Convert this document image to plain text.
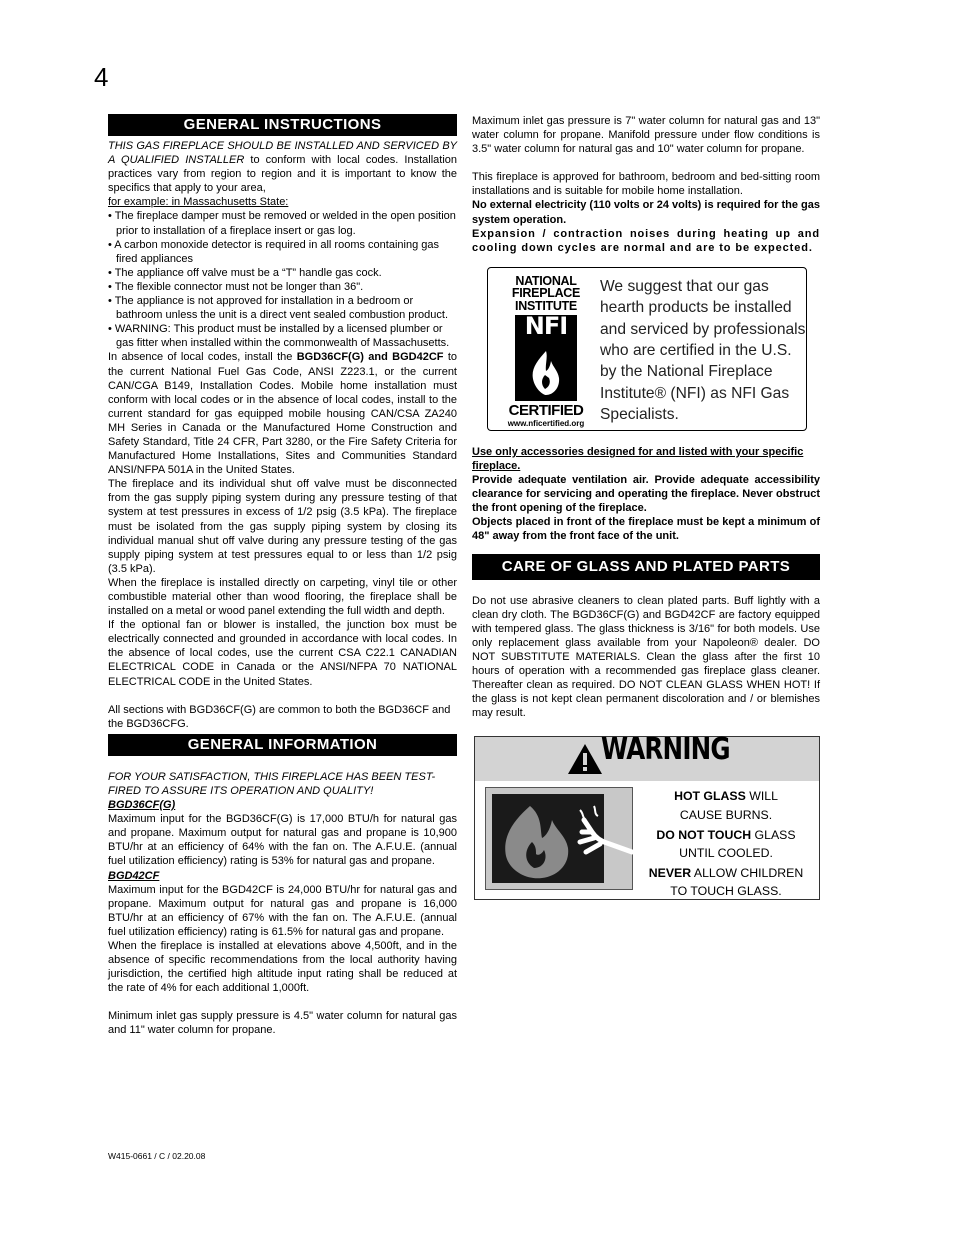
4
GENERAL INSTRUCTIONS

THIS GAS FIREPLACE SHOULD BE INSTALLED AND SERVICED BY A QUALIFIED INSTALLER to conform with local codes. Installation practices vary from region to region and it is important to know the specifics that apply to your area,

for example: in Massachusetts State:

• The fireplace damper must be removed or welded in the open position prior to installation of a fireplace insert or gas log.
• A carbon monoxide detector is required in all rooms containing gas fired appliances
• The appliance off valve must be a “T” handle gas cock.
• The flexible connector must not be longer than 36".
• The appliance is not approved for installation in a bedroom or bathroom unless the unit is a direct vent sealed combustion product.
• WARNING: This product must be installed by a licensed plumber or gas fitter when installed within the commonwealth of Massachusetts.

In absence of local codes, install the BGD36CF(G) and BGD42CF to the current National Fuel Gas Code, ANSI Z223.1, or the current CAN/CGA B149, Installation Codes. Mobile home installation must conform with local codes or in the absence of local codes, install to the current standard for gas equipped mobile housing CAN/CSA ZA240 MH Series in Canada or the Manufactured Home Construction and Safety Standard, Title 24 CFR, Part 3280, or the Fire Safety Criteria for Manufactured Home Installations, Sites and Communities Standard ANSI/NFPA 501A in the United States.

The fireplace and its individual shut off valve must be disconnected from the gas supply piping system during any pressure testing of that system at test pressures in excess of 1/2 psig (3.5 kPa). The fireplace must be isolated from the gas supply piping system by closing its individual manual shut off valve during any pressure testing of the gas supply piping system at test pressures equal to or less than 1/2 psig (3.5 kPa).

When the fireplace is installed directly on carpeting, vinyl tile or other combustible material other than wood flooring, the fireplace shall be installed on a metal or wood panel extending the full width and depth.

If the optional fan or blower is installed, the junction box must be electrically connected and grounded in accordance with local codes. In the absence of local codes, use the current CSA C22.1 CANADIAN ELECTRICAL CODE in Canada or the ANSI/NFPA 70 NATIONAL ELECTRICAL CODE in the United States.

All sections with BGD36CF(G) are common to both the BGD36CF and the BGD36CFG.

GENERAL INFORMATION

FOR YOUR SATISFACTION, THIS FIREPLACE HAS BEEN TEST-FIRED TO ASSURE ITS OPERATION AND QUALITY!

BGD36CF(G)

Maximum input for the BGD36CF(G) is 17,000 BTU/h for natural gas and propane. Maximum output for natural gas and propane is 10,900 BTU/hr at an efficiency of 64% with the fan on. The A.F.U.E. (annual fuel utilization efficiency) rating is 53% for natural gas and propane.

BGD42CF

Maximum input for the BGD42CF is 24,000 BTU/hr for natural gas and propane. Maximum output for natural gas and propane is 16,000 BTU/hr at an efficiency of 67% with the fan on. The A.F.U.E. (annual fuel utilization efficiency) rating is 61.5% for natural gas and propane.

When the fireplace is installed at elevations above 4,500ft, and in the absence of specific recommendations from the local authority having jurisdiction, the certified high altitude input rating shall be reduced at the rate of 4% for each additional 1,000ft.

Minimum inlet gas supply pressure is 4.5" water column for natural gas and 11" water column for propane.

Maximum inlet gas pressure is 7" water column for natural gas and 13" water column for propane. Manifold pressure under flow conditions is 3.5" water column for natural gas and 10" water column for propane.

This fireplace is approved for bathroom, bedroom and bed-sitting room installations and is suitable for mobile home installation.

No external electricity (110 volts or 24 volts) is required for the gas system operation.

Expansion / contraction noises during heating up and cooling down cycles are normal and are to be expected.

NATIONAL
FIREPLACE
INSTITUTE
NFI
CERTIFIED
www.nficertified.org
We suggest that our gas hearth products be installed and serviced by professionals who are certified in the U.S. by the National Fireplace Institute® (NFI) as NFI Gas Specialists.

Use only accessories designed for and listed with your specific fireplace.

Provide adequate ventilation air. Provide adequate accessibility clearance for servicing and operating the fireplace. Never obstruct the front opening of the fireplace.

Objects placed in front of the fireplace must be kept a minimum of 48" away from the front face of the unit.

CARE OF GLASS AND PLATED PARTS

Do not use abrasive cleaners to clean plated parts. Buff lightly with a clean dry cloth. The BGD36CF(G) and BGD42CF are factory equipped with tempered glass. The glass thickness is 3/16" for both models. Use only replacement glass available from your Napoleon® dealer. DO NOT SUBSTITUTE MATERIALS. Clean the glass after the first 10 hours of operation with a recommended gas fireplace glass cleaner. Thereafter clean as required. DO NOT CLEAN GLASS WHEN HOT! If the glass is not kept clean permanent discoloration and / or blemishes may result.

WARNING
HOT GLASS WILL
CAUSE BURNS.
DO NOT TOUCH GLASS
UNTIL COOLED.
NEVER ALLOW CHILDREN
TO TOUCH GLASS.
W415-0661 / C / 02.20.08
